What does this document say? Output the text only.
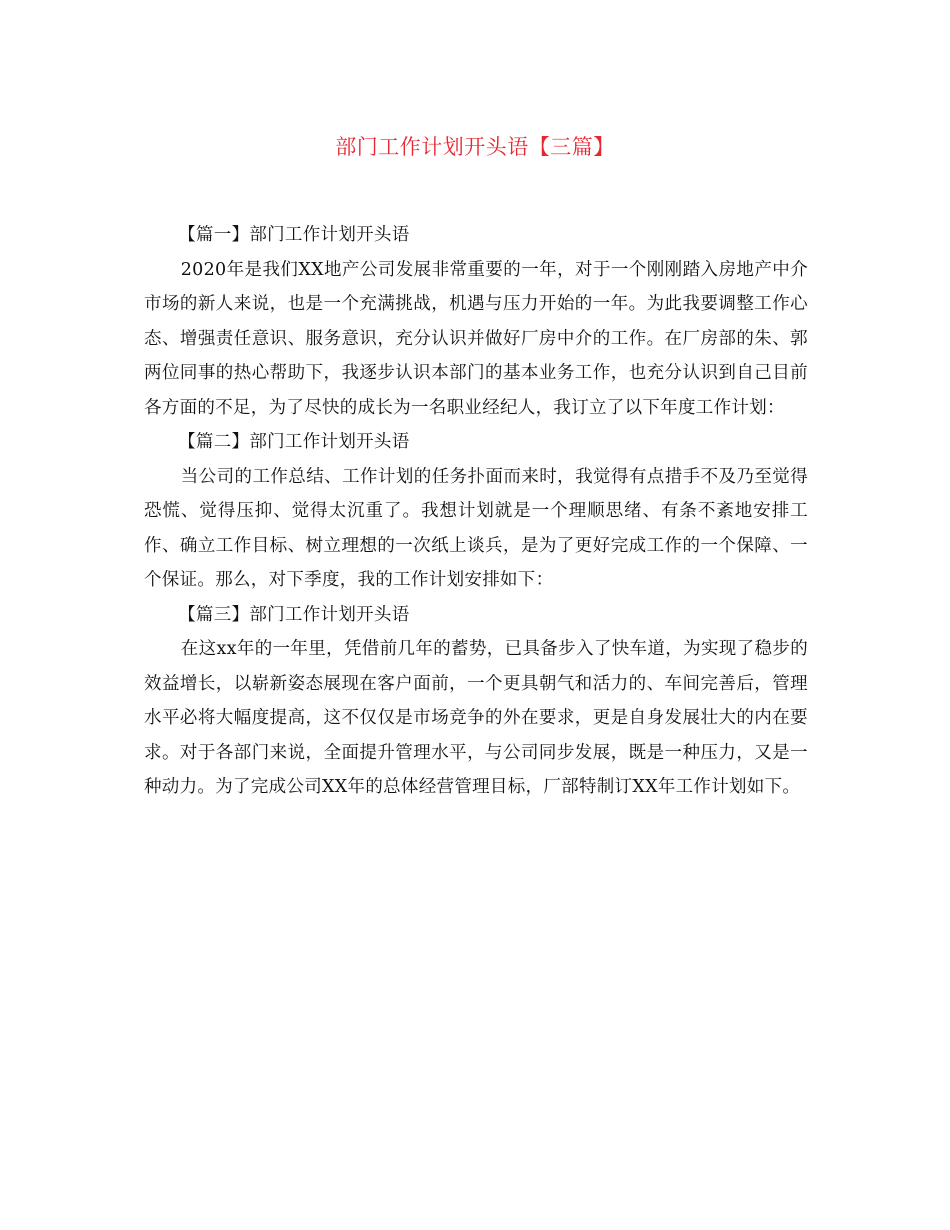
部门工作计划开头语【三篇】

【篇一】部门工作计划开头语

2020年是我们XX地产公司发展非常重要的一年，对于一个刚刚踏入房地产中介市场的新人来说，也是一个充满挑战，机遇与压力开始的一年。为此我要调整工作心态、增强责任意识、服务意识，充分认识并做好厂房中介的工作。在厂房部的朱、郭两位同事的热心帮助下，我逐步认识本部门的基本业务工作，也充分认识到自己目前各方面的不足，为了尽快的成长为一名职业经纪人，我订立了以下年度工作计划：

【篇二】部门工作计划开头语

当公司的工作总结、工作计划的任务扑面而来时，我觉得有点措手不及乃至觉得恐慌、觉得压抑、觉得太沉重了。我想计划就是一个理顺思绪、有条不紊地安排工作、确立工作目标、树立理想的一次纸上谈兵，是为了更好完成工作的一个保障、一个保证。那么，对下季度，我的工作计划安排如下：

【篇三】部门工作计划开头语

在这xx年的一年里，凭借前几年的蓄势，已具备步入了快车道，为实现了稳步的效益增长，以崭新姿态展现在客户面前，一个更具朝气和活力的、车间完善后，管理水平必将大幅度提高，这不仅仅是市场竞争的外在要求，更是自身发展壮大的内在要求。对于各部门来说，全面提升管理水平，与公司同步发展，既是一种压力，又是一种动力。为了完成公司XX年的总体经营管理目标，厂部特制订XX年工作计划如下。
